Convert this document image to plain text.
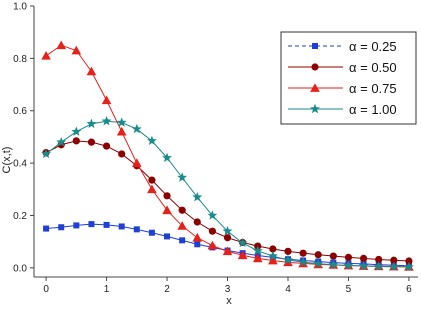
0	1	2	3	4	5	6
0.0
0.2
0.4
0.6
0.8
1.0
α = 0.25
α = 0.50
α = 0.75
α = 1.00
C(x,t)
x
